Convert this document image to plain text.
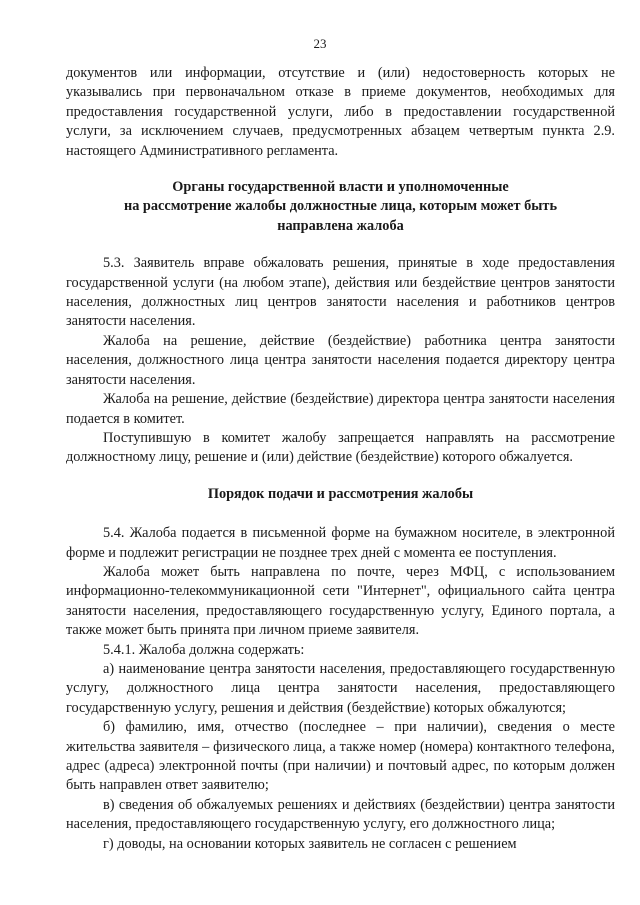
23

документов или информации, отсутствие и (или) недостоверность которых не указывались при первоначальном отказе в приеме документов, необходимых для предоставления государственной услуги, либо в предоставлении государственной услуги, за исключением случаев, предусмотренных абзацем четвертым пункта 2.9. настоящего Административного регламента.

Органы государственной власти и уполномоченные
на рассмотрение жалобы должностные лица, которым может быть
направлена жалоба

5.3. Заявитель вправе обжаловать решения, принятые в ходе предоставления государственной услуги (на любом этапе), действия или бездействие центров занятости населения, должностных лиц центров занятости населения и работников центров занятости населения.

Жалоба на решение, действие (бездействие) работника центра занятости населения, должностного лица центра занятости населения подается директору центра занятости населения.

Жалоба на решение, действие (бездействие) директора центра занятости населения подается в комитет.

Поступившую в комитет жалобу запрещается направлять на рассмотрение должностному лицу, решение и (или) действие (бездействие) которого обжалуется.

Порядок подачи и рассмотрения жалобы

5.4. Жалоба подается в письменной форме на бумажном носителе, в электронной форме и подлежит регистрации не позднее трех дней с момента ее поступления.

Жалоба может быть направлена по почте, через МФЦ, с использованием информационно-телекоммуникационной сети "Интернет", официального сайта центра занятости населения, предоставляющего государственную услугу, Единого портала, а также может быть принята при личном приеме заявителя.

5.4.1. Жалоба должна содержать:

а) наименование центра занятости населения, предоставляющего государственную услугу, должностного лица центра занятости населения, предоставляющего государственную услугу, решения и действия (бездействие) которых обжалуются;

б) фамилию, имя, отчество (последнее – при наличии), сведения о месте жительства заявителя – физического лица, а также номер (номера) контактного телефона, адрес (адреса) электронной почты (при наличии) и почтовый адрес, по которым должен быть направлен ответ заявителю;

в) сведения об обжалуемых решениях и действиях (бездействии) центра занятости населения, предоставляющего государственную услугу, его должностного лица;

г) доводы, на основании которых заявитель не согласен с решением
